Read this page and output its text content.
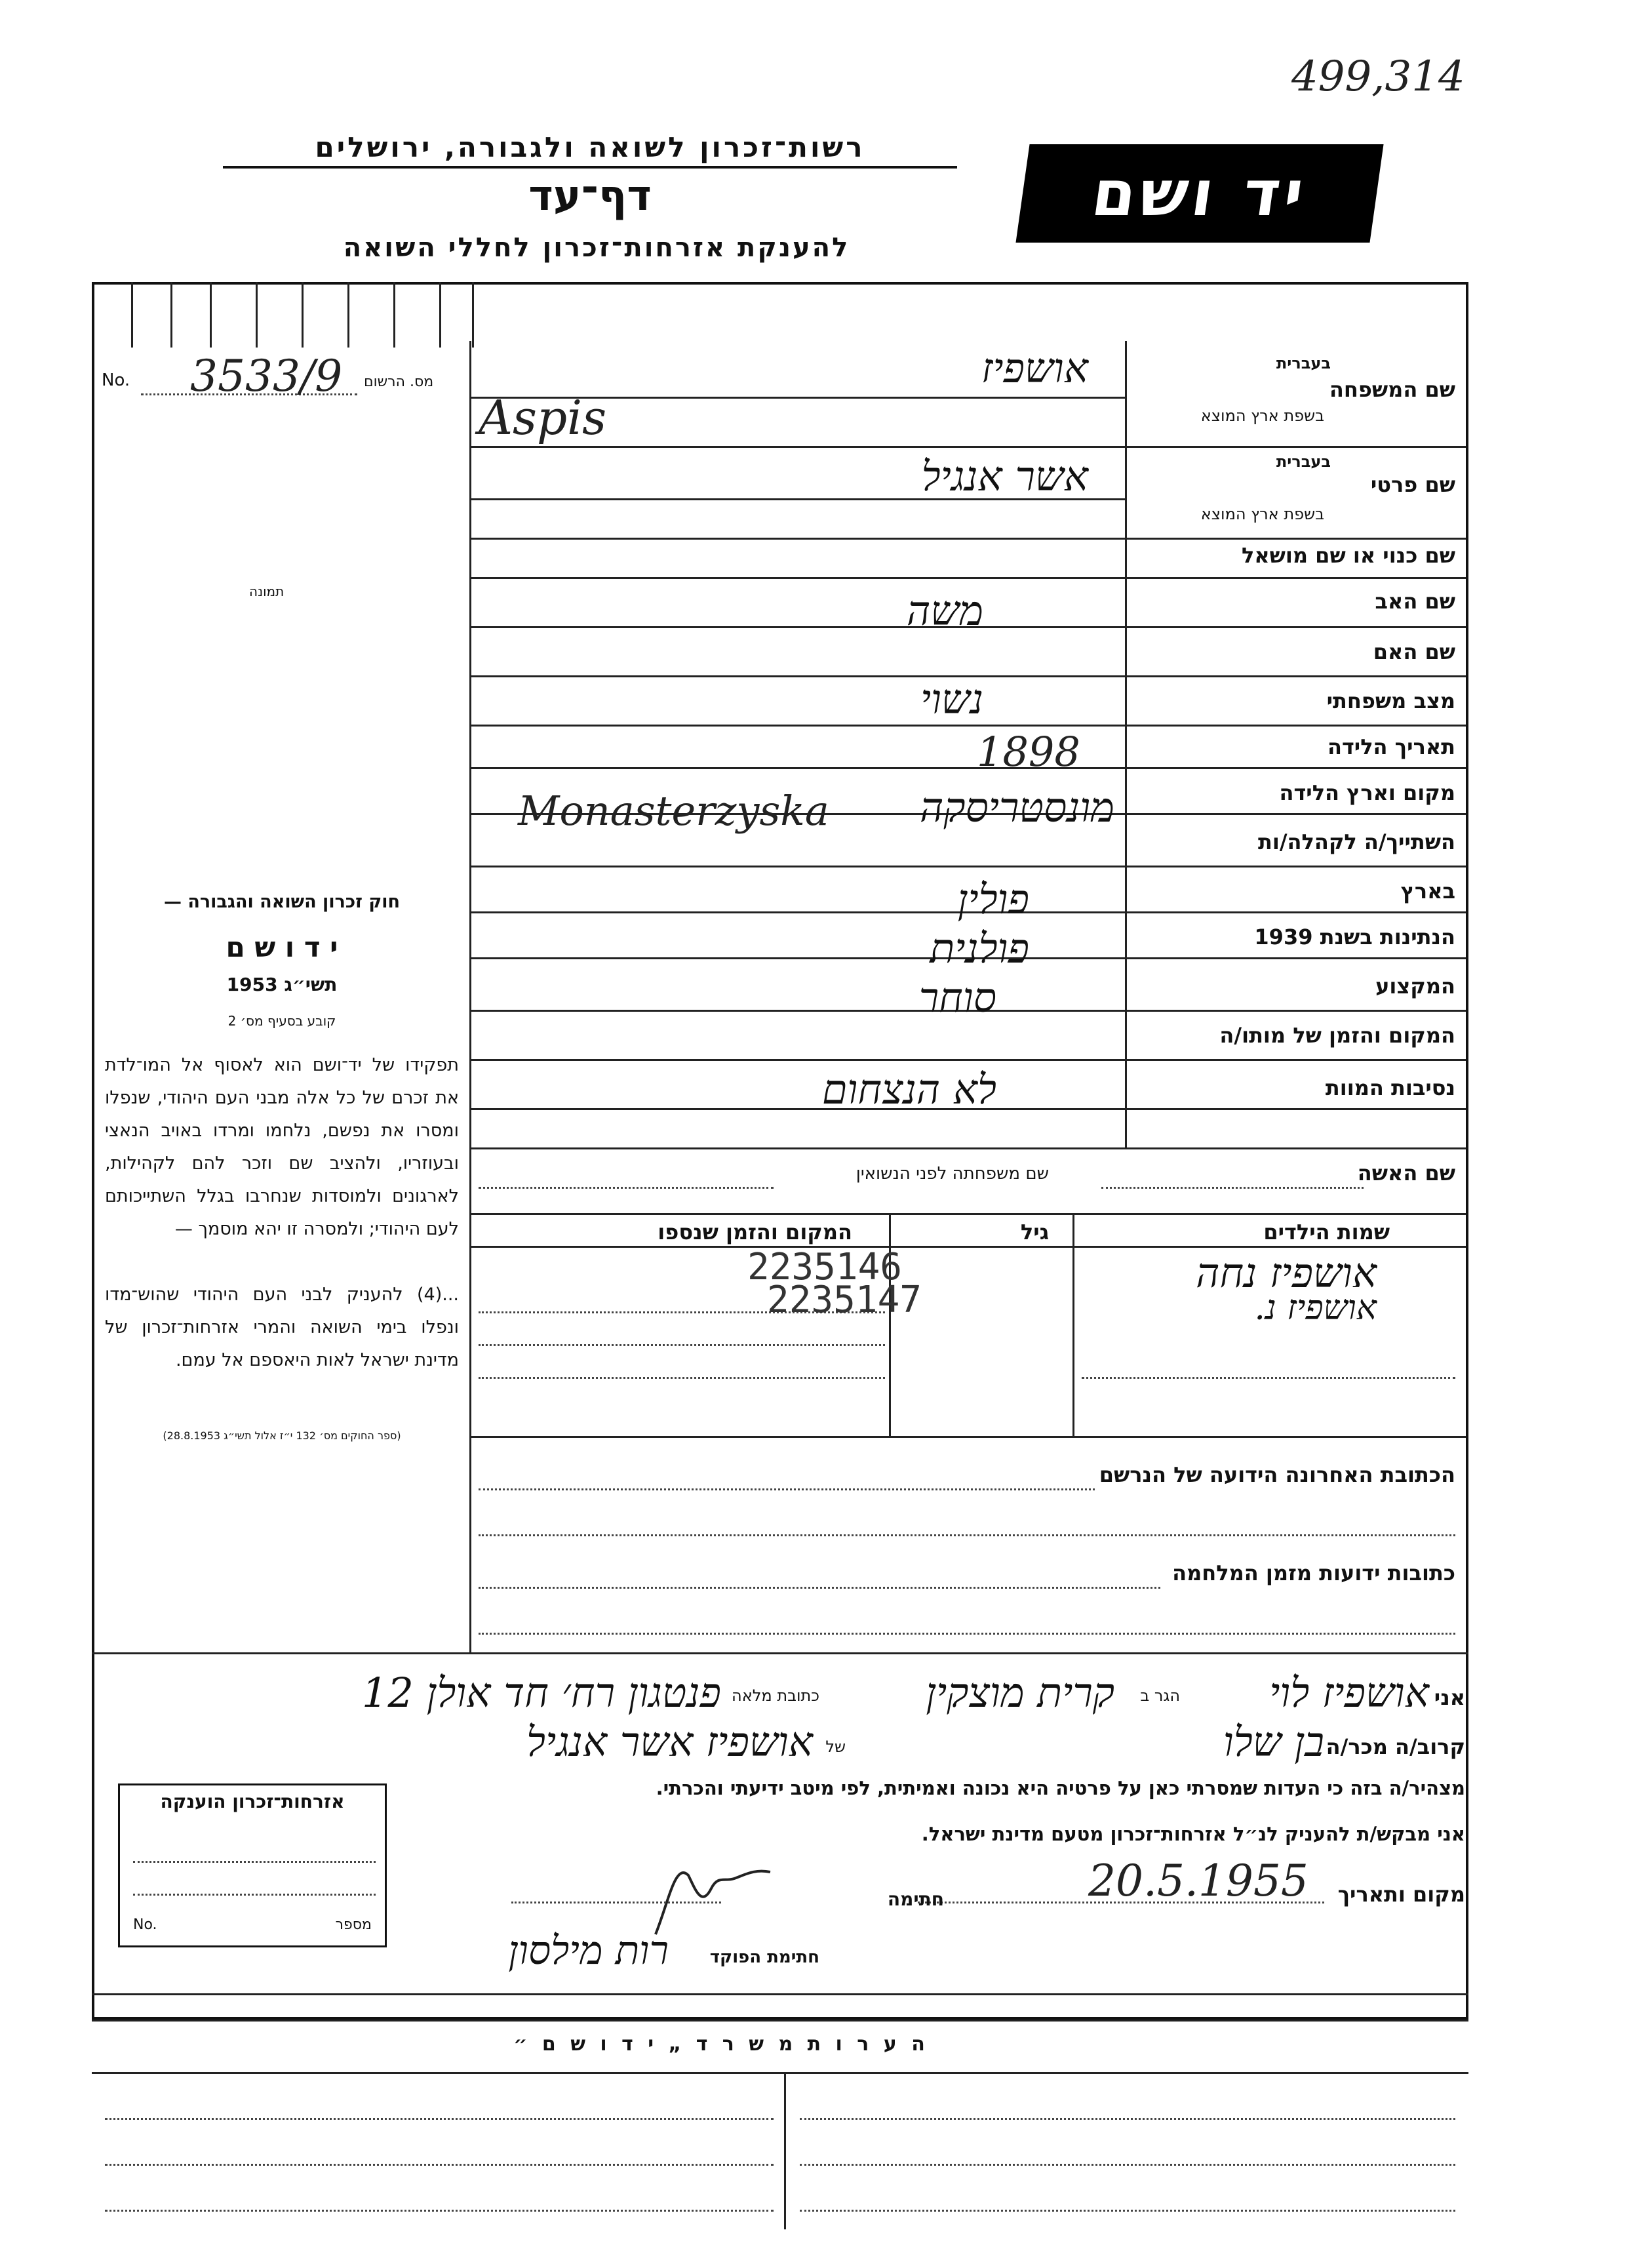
499,314
רשות־זכרון לשואה ולגבורה, ירושלים
דף־עד
להענקת אזרחות־זכרון לחללי השואה
יד ושם
No. 3533/9 מס. הרשום
תמונה
חוק זכרון השואה והגבורה —
י ד ו ש ם
תשי״ג 1953
קובע בסעיף מס׳ 2
תפקידו של יד־ושם הוא לאסוף אל המו־לדת את זכרם של כל אלה מבני העם היהודי, שנפלו ומסרו את נפשם, נלחמו ומרדו באויב הנאצי ובעוזריו, ולהציב שם וזכר להם לקהילות, לארגונים ולמוסדות שנחרבו בגלל השתייכותם לעם היהודי; ולמסרה זו יהא מוסמך —
...(4) להעניק לבני העם היהודי שהוש־מדו ונפלו בימי השואה והמרי אזרחות־זכרון של מדינת ישראל לאות היאספם אל עמם.
(ספר החוקים מס׳ 132 י״ז אלול תשי״ג 28.8.1953)
שם המשפחה
בעברית
בשפת ארץ המוצא
אושפיז
Aspis
שם פרטי
בעברית
בשפת ארץ המוצא
אשר אנגיל
שם כנוי או שם מושאל
שם האב
משה
שם האם
מצב משפחתי
נשוי
תאריך הלידה
1898
מקום וארץ הלידה
מונסטריסקה
Monasterzyska
השתייך/ה לקהלה/ות
בארץ
פולין
הנתינות בשנת 1939
פולנית
המקצוע
סוחר
המקום והזמן של מותו/ה
נסיבות המוות
לא הנצחום
שם האשה
שם משפחתה לפני הנשואין
שמות הילדים
גיל
המקום והזמן שנספו
אושפיז נחה
אושפיז נ.
2235146
2235147
הכתובת האחרונה הידועה של הנרשם
כתובות ידועות מזמן המלחמה
אני
אושפיז לוי
הגר ב
קרית מוצקין
כתובת מלאה
פנטגון רח׳ חד אולן 12
קרוב/ה מכר/ה
בן שלו
של
אושפיז אשר אנגיל
מצהיר/ה בזה כי העדות שמסרתי כאן על פרטיה היא נכונה ואמיתית, לפי מיטב ידיעתי והכרתי.
אני מבקש/ת להעניק לנ״ל אזרחות־זכרון מטעם מדינת ישראל.
מקום ותאריך
20.5.1955
חתימה
חתימת הפוקד
רות מילסון
אזרחות־זכרון הוענקה
No.	מספר
ה ע ר ו ת מ ש ר ד „ י ד ו ש ם ״
